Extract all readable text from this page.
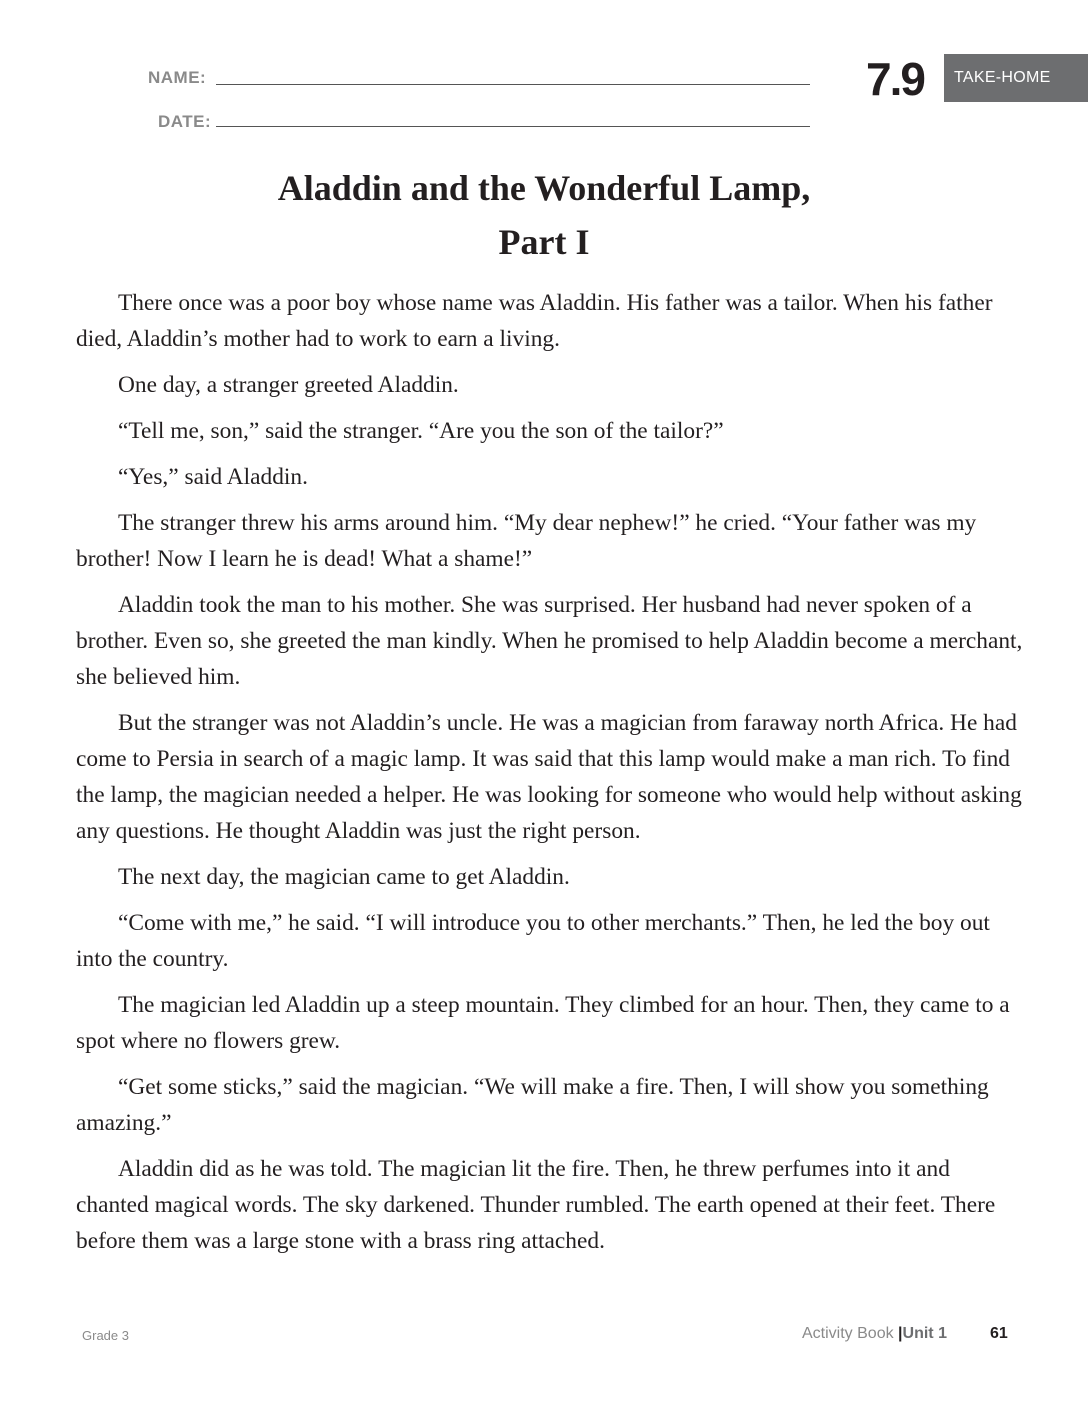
NAME:
DATE:
7.9	TAKE-HOME
Aladdin and the Wonderful Lamp,
Part I

There once was a poor boy whose name was Aladdin. His father was a tailor. When his father died, Aladdin’s mother had to work to earn a living.

One day, a stranger greeted Aladdin.

“Tell me, son,” said the stranger. “Are you the son of the tailor?”

“Yes,” said Aladdin.

The stranger threw his arms around him. “My dear nephew!” he cried. “Your father was my brother! Now I learn he is dead! What a shame!”

Aladdin took the man to his mother. She was surprised. Her husband had never spoken of a brother. Even so, she greeted the man kindly. When he promised to help Aladdin become a merchant, she believed him.

But the stranger was not Aladdin’s uncle. He was a magician from faraway north Africa. He had come to Persia in search of a magic lamp. It was said that this lamp would make a man rich. To find the lamp, the magician needed a helper. He was looking for someone who would help without asking any questions. He thought Aladdin was just the right person.

The next day, the magician came to get Aladdin.

“Come with me,” he said. “I will introduce you to other merchants.” Then, he led the boy out into the country.

The magician led Aladdin up a steep mountain. They climbed for an hour. Then, they came to a spot where no flowers grew.

“Get some sticks,” said the magician. “We will make a fire. Then, I will show you something amazing.”

Aladdin did as he was told. The magician lit the fire. Then, he threw perfumes into it and chanted magical words. The sky darkened. Thunder rumbled. The earth opened at their feet. There before them was a large stone with a brass ring attached.

Grade 3	Activity Book |Unit 1	61
